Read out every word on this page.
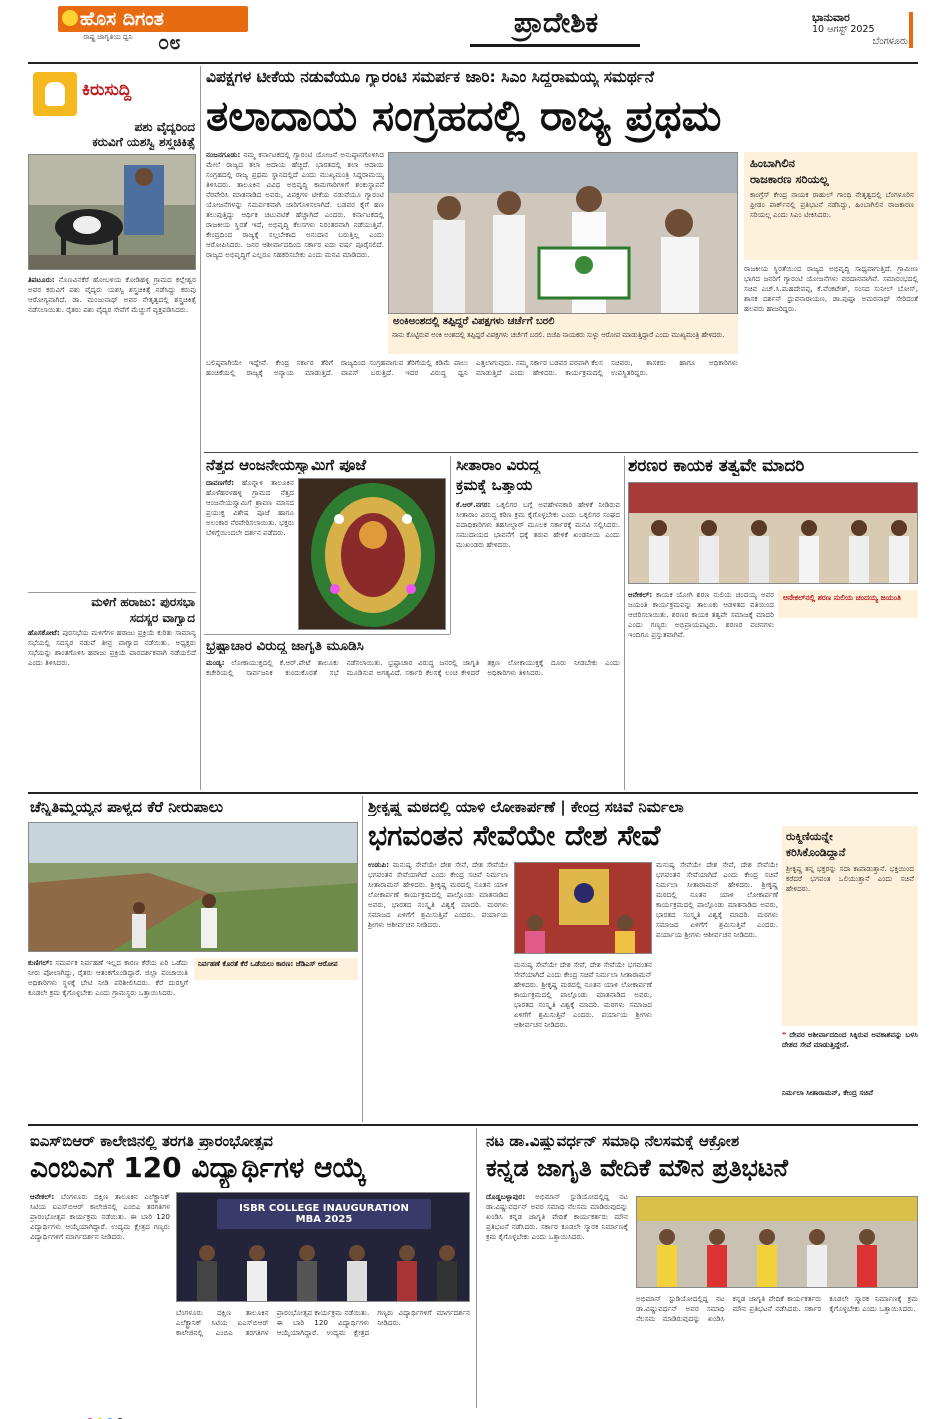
ಹೊಸ ದಿಗಂತ
ರಾಷ್ಟ್ರ ಜಾಗೃತಿಯ ಧ್ವನಿ	೦೮
ಪ್ರಾದೇಶಿಕ	ಭಾನುವಾರ
10 ಆಗಸ್ಟ್ 2025
ಬೆಂಗಳೂರು
ಕಿರುಸುದ್ದಿ
ಪಶು ವೈದ್ಯರಿಂದ
ಕರುವಿಗೆ ಯಶಸ್ವಿ ಶಸ್ತ್ರಚಿಕಿತ್ಸೆ
ತಿಪಟೂರು: ನೊಣವಿನಕೆರೆ ಹೋಬಳಿಯ ಕೋಡಿಹಳ್ಳಿ ಗ್ರಾಮದ ಕಲ್ಲೇಶ್ವರ ಅವರ ಕರುವಿಗೆ ಪಶು ವೈದ್ಯರು ಯಶಸ್ವಿ ಶಸ್ತ್ರಚಿಕಿತ್ಸೆ ನಡೆಸಿದ್ದು ಕರುವು ಆರೋಗ್ಯವಾಗಿದೆ. ಡಾ. ಮಂಜುನಾಥ್ ಅವರ ನೇತೃತ್ವದಲ್ಲಿ ಶಸ್ತ್ರಚಿಕಿತ್ಸೆ ನಡೆಸಲಾಯಿತು. ರೈತರು ಪಶು ವೈದ್ಯರ ಸೇವೆಗೆ ಮೆಚ್ಚುಗೆ ವ್ಯಕ್ತಪಡಿಸಿದರು.
ಮಳಿಗೆ ಹರಾಜು: ಪುರಸಭಾ
ಸದಸ್ಯರ ವಾಗ್ವಾದ
ಹೊಸಕೋಟೆ: ಪುರಸಭೆಯ ಮಳಿಗೆಗಳ ಹರಾಜು ಪ್ರಕ್ರಿಯೆ ಕುರಿತು ಸಾಮಾನ್ಯ ಸಭೆಯಲ್ಲಿ ಸದಸ್ಯರ ನಡುವೆ ತೀವ್ರ ವಾಗ್ವಾದ ನಡೆಯಿತು. ಅಧ್ಯಕ್ಷರು ಸಭೆಯನ್ನು ಶಾಂತಗೊಳಿಸಿ ಹರಾಜು ಪ್ರಕ್ರಿಯೆ ಪಾರದರ್ಶಕವಾಗಿ ನಡೆಯಲಿದೆ ಎಂದು ತಿಳಿಸಿದರು.
ವಿಪಕ್ಷಗಳ ಟೀಕೆಯ ನಡುವೆಯೂ ಗ್ಯಾರಂಟಿ ಸಮರ್ಪಕ ಜಾರಿ: ಸಿಎಂ ಸಿದ್ದರಾಮಯ್ಯ ಸಮರ್ಥನೆ
ತಲಾದಾಯ ಸಂಗ್ರಹದಲ್ಲಿ ರಾಜ್ಯ ಪ್ರಥಮ
ನಂಜನಗೂಡು: ನಮ್ಮ ಕರ್ನಾಟಕದಲ್ಲಿ ಗ್ಯಾರಂಟಿ ಯೋಜನೆ ಅನುಷ್ಠಾನಗೊಳಿಸಿದ ಮೇಲೆ ರಾಜ್ಯದ ತಲಾ ಆದಾಯ ಹೆಚ್ಚಿದೆ. ಭಾರತದಲ್ಲಿ ತಲಾ ಆದಾಯ ಸಂಗ್ರಹದಲ್ಲಿ ರಾಜ್ಯ ಪ್ರಥಮ ಸ್ಥಾನದಲ್ಲಿದೆ ಎಂದು ಮುಖ್ಯಮಂತ್ರಿ ಸಿದ್ದರಾಮಯ್ಯ ತಿಳಿಸಿದರು. ತಾಲೂಕಿನ ವಿವಿಧ ಅಭಿವೃದ್ಧಿ ಕಾಮಗಾರಿಗಳಿಗೆ ಶಂಕುಸ್ಥಾಪನೆ ನೆರವೇರಿಸಿ ಮಾತನಾಡಿದ ಅವರು, ವಿಪಕ್ಷಗಳ ಟೀಕೆಯ ನಡುವೆಯೂ ಗ್ಯಾರಂಟಿ ಯೋಜನೆಗಳನ್ನು ಸಮರ್ಪಕವಾಗಿ ಜಾರಿಗೊಳಿಸಲಾಗಿದೆ. ಬಡವರ ಕೈಗೆ ಹಣ ತಲುಪುತ್ತಿದ್ದು ಆರ್ಥಿಕ ಚಟುವಟಿಕೆ ಹೆಚ್ಚಾಗಿದೆ ಎಂದರು. ಕರ್ನಾಟಕದಲ್ಲಿ ರಾಜಕೀಯ ಸ್ಥಿರತೆ ಇದೆ, ಅಭಿವೃದ್ಧಿ ಕೆಲಸಗಳು ನಿರಂತರವಾಗಿ ನಡೆಯುತ್ತಿವೆ. ಕೇಂದ್ರದಿಂದ ರಾಜ್ಯಕ್ಕೆ ಸಲ್ಲಬೇಕಾದ ಅನುದಾನ ಬರುತ್ತಿಲ್ಲ ಎಂದು ಆರೋಪಿಸಿದರು. ಜನರ ಆಶೀರ್ವಾದದಿಂದ ಸರ್ಕಾರ ಐದು ವರ್ಷ ಪೂರೈಸಲಿದೆ. ರಾಜ್ಯದ ಅಭಿವೃದ್ಧಿಗೆ ಎಲ್ಲರೂ ಸಹಕರಿಸಬೇಕು ಎಂದು ಮನವಿ ಮಾಡಿದರು.
ಅಂಕಿಅಂಶದಲ್ಲಿ ತಪ್ಪಿದ್ದರೆ ವಿಪಕ್ಷಗಳು ಚರ್ಚೆಗೆ ಬರಲಿ
ನಾನು ಕೊಟ್ಟಿರುವ ಅಂಕಿ ಅಂಶದಲ್ಲಿ ತಪ್ಪಿದ್ದರೆ ವಿಪಕ್ಷಗಳು ಚರ್ಚೆಗೆ ಬರಲಿ. ಬಿಜೆಪಿ ನಾಯಕರು ಸುಳ್ಳು ಆರೋಪ ಮಾಡುತ್ತಿದ್ದಾರೆ ಎಂದು ಮುಖ್ಯಮಂತ್ರಿ ಹೇಳಿದರು.
ಹಿಂಬಾಗಿಲಿನ
ರಾಜಕಾರಣ ಸರಿಯಲ್ಲ
ಕಾಂಗ್ರೆಸ್ ಕೇಂದ್ರ ನಾಯಕ ರಾಹುಲ್ ಗಾಂಧಿ ನೇತೃತ್ವದಲ್ಲಿ ಬೆಂಗಳೂರಿನ ಫ್ರೀಡಂ ಪಾರ್ಕ್‌ನಲ್ಲಿ ಪ್ರತಿಭಟನೆ ನಡೆಸಿದ್ದು, ಹಿಂಬಾಗಿಲಿನ ರಾಜಕಾರಣ ಸರಿಯಲ್ಲ ಎಂದು ಸಿಎಂ ಟೀಕಿಸಿದರು.
ರಾಜಕೀಯ ಸ್ಥಿರತೆಯಿಂದ ರಾಜ್ಯದ ಅಭಿವೃದ್ಧಿ ಸಾಧ್ಯವಾಗುತ್ತಿದೆ. ಗ್ರಾಮೀಣ ಭಾಗದ ಜನರಿಗೆ ಗ್ಯಾರಂಟಿ ಯೋಜನೆಗಳು ವರದಾನವಾಗಿವೆ. ಸಮಾರಂಭದಲ್ಲಿ ಸಚಿವ ಎಚ್.ಸಿ.ಮಹದೇವಪ್ಪ, ಕೆ.ವೆಂಕಟೇಶ್, ಸಂಸದ ಸುನೀಲ್ ಬೋಸ್, ಶಾಸಕ ದರ್ಶನ್ ಧ್ರುವನಾರಾಯಣ, ಡಾ.ಪುಷ್ಪಾ ಅಮರನಾಥ್ ಸೇರಿದಂತೆ ಹಲವರು ಹಾಜರಿದ್ದರು.
ಬಲಿಷ್ಠವಾಗಿಯೇ ಇದ್ದೇವೆ. ಕೇಂದ್ರ ಸರ್ಕಾರ ತೆರಿಗೆ ಹಂಚಿಕೆಯಲ್ಲಿ ರಾಜ್ಯಕ್ಕೆ ಅನ್ಯಾಯ ಮಾಡುತ್ತಿದೆ. ರಾಜ್ಯದಿಂದ ಸಂಗ್ರಹವಾಗುವ ತೆರಿಗೆಯಲ್ಲಿ ಕಡಿಮೆ ಪಾಲು ವಾಪಸ್ ಬರುತ್ತಿದೆ. ಇದರ ವಿರುದ್ಧ ಧ್ವನಿ ಎತ್ತಲಾಗುವುದು. ನಮ್ಮ ಸರ್ಕಾರ ಬಡವರ ಪರವಾಗಿ ಕೆಲಸ ಮಾಡುತ್ತಿದೆ ಎಂದು ಹೇಳಿದರು. ಕಾರ್ಯಕ್ರಮದಲ್ಲಿ ಸಚಿವರು, ಶಾಸಕರು ಹಾಗೂ ಅಧಿಕಾರಿಗಳು ಉಪಸ್ಥಿತರಿದ್ದರು.
ನೆತ್ತದ ಆಂಜನೇಯಸ್ವಾಮಿಗೆ ಪೂಜೆ
ದಾವಣಗೆರೆ: ಹೊನ್ನಾಳಿ ತಾಲೂಕಿನ ಹೊಳೆಹರಳಹಳ್ಳಿ ಗ್ರಾಮದ ನೆತ್ತದ ಆಂಜನೇಯಸ್ವಾಮಿಗೆ ಶ್ರಾವಣ ಮಾಸದ ಪ್ರಯುಕ್ತ ವಿಶೇಷ ಪೂಜೆ ಹಾಗೂ ಅಲಂಕಾರ ನೆರವೇರಿಸಲಾಯಿತು. ಭಕ್ತರು ಬೆಳಿಗ್ಗೆಯಿಂದಲೇ ದರ್ಶನ ಪಡೆದರು.
ಸೀತಾರಾಂ ವಿರುದ್ಧ
ಕ್ರಮಕ್ಕೆ ಒತ್ತಾಯ
ಕೆ.ಆರ್.ನಗರ: ಒಕ್ಕಲಿಗರ ಬಗ್ಗೆ ಅವಹೇಳನಕಾರಿ ಹೇಳಿಕೆ ನೀಡಿರುವ ಸೀತಾರಾಂ ವಿರುದ್ಧ ಕಠಿಣ ಕ್ರಮ ಕೈಗೊಳ್ಳಬೇಕು ಎಂದು ಒಕ್ಕಲಿಗರ ಸಂಘದ ಪದಾಧಿಕಾರಿಗಳು ತಹಸೀಲ್ದಾರ್ ಮೂಲಕ ಸರ್ಕಾರಕ್ಕೆ ಮನವಿ ಸಲ್ಲಿಸಿದರು. ಸಮುದಾಯದ ಭಾವನೆಗೆ ಧಕ್ಕೆ ತರುವ ಹೇಳಿಕೆ ಖಂಡನೀಯ ಎಂದು ಮುಖಂಡರು ಹೇಳಿದರು.
ಶರಣರ ಕಾಯಕ ತತ್ವವೇ ಮಾದರಿ
ಆನೇಕಲ್: ಕಾಯಕ ಯೋಗಿ ಶರಣ ನುಲಿಯ ಚಂದಯ್ಯ ಅವರ ಜಯಂತಿ ಕಾರ್ಯಕ್ರಮವನ್ನು ತಾಲೂಕು ಆಡಳಿತದ ವತಿಯಿಂದ ಆಚರಿಸಲಾಯಿತು. ಶರಣರ ಕಾಯಕ ತತ್ವವೇ ಸಮಾಜಕ್ಕೆ ಮಾದರಿ ಎಂದು ಗಣ್ಯರು ಅಭಿಪ್ರಾಯಪಟ್ಟರು. ಶರಣರ ವಚನಗಳು ಇಂದಿಗೂ ಪ್ರಸ್ತುತವಾಗಿವೆ.
ಆನೇಕಲ್‌ನಲ್ಲಿ ಶರಣ ನುಲಿಯ ಚಂದಯ್ಯ ಜಯಂತಿ
ಭ್ರಷ್ಟಾಚಾರ ವಿರುದ್ಧ ಜಾಗೃತಿ ಮೂಡಿಸಿ
ಮಂಡ್ಯ: ಲೋಕಾಯುಕ್ತದಲ್ಲಿ ಕೆ.ಆರ್.ಪೇಟೆ ತಾಲೂಕು ಕಚೇರಿಯಲ್ಲಿ ಸಾರ್ವಜನಿಕ ಕುಂದುಕೊರತೆ ಸಭೆ ನಡೆಸಲಾಯಿತು. ಭ್ರಷ್ಟಾಚಾರ ವಿರುದ್ಧ ಜನರಲ್ಲಿ ಜಾಗೃತಿ ಮೂಡಿಸುವ ಅಗತ್ಯವಿದೆ. ಸರ್ಕಾರಿ ಕೆಲಸಕ್ಕೆ ಲಂಚ ಕೇಳಿದರೆ ತಕ್ಷಣ ಲೋಕಾಯುಕ್ತಕ್ಕೆ ದೂರು ನೀಡಬೇಕು ಎಂದು ಅಧಿಕಾರಿಗಳು ತಿಳಿಸಿದರು.
ಚೆನ್ನಿತಿಮ್ಮಯ್ಯನ ಪಾಳ್ಯದ ಕೆರೆ ನೀರುಪಾಲು
ಕುಣಿಗಲ್: ಸಮರ್ಪಕ ನಿರ್ವಹಣೆ ಇಲ್ಲದ ಕಾರಣ ಕೆರೆಯ ಏರಿ ಒಡೆದು ನೀರು ಪೋಲಾಗಿದ್ದು, ರೈತರು ಆತಂಕಗೊಂಡಿದ್ದಾರೆ. ಜಿಲ್ಲಾ ಪಂಚಾಯಿತಿ ಅಧಿಕಾರಿಗಳು ಸ್ಥಳಕ್ಕೆ ಭೇಟಿ ನೀಡಿ ಪರಿಶೀಲಿಸಿದರು. ಕೆರೆ ದುರಸ್ತಿಗೆ ಕೂಡಲೇ ಕ್ರಮ ಕೈಗೊಳ್ಳಬೇಕು ಎಂದು ಗ್ರಾಮಸ್ಥರು ಒತ್ತಾಯಿಸಿದರು.
ನಿರ್ವಹಣೆ ಕೊರತೆ ಕೆರೆ ಒಡೆಯಲು ಕಾರಣ: ಜೆಡಿಎಸ್ ಆರೋಪ
ಶ್ರೀಕೃಷ್ಣ ಮಠದಲ್ಲಿ ಯಾಳಿ ಲೋಕಾರ್ಪಣೆ | ಕೇಂದ್ರ ಸಚಿವೆ ನಿರ್ಮಲಾ
ಭಗವಂತನ ಸೇವೆಯೇ ದೇಶ ಸೇವೆ
ಉಡುಪಿ: ಮನುಷ್ಯ ಸೇವೆಯೇ ದೇಶ ಸೇವೆ, ದೇಶ ಸೇವೆಯೇ ಭಗವಂತನ ಸೇವೆಯಾಗಿದೆ ಎಂದು ಕೇಂದ್ರ ಸಚಿವೆ ನಿರ್ಮಲಾ ಸೀತಾರಾಮನ್ ಹೇಳಿದರು. ಶ್ರೀಕೃಷ್ಣ ಮಠದಲ್ಲಿ ನೂತನ ಯಾಳಿ ಲೋಕಾರ್ಪಣೆ ಕಾರ್ಯಕ್ರಮದಲ್ಲಿ ಪಾಲ್ಗೊಂಡು ಮಾತನಾಡಿದ ಅವರು, ಭಾರತದ ಸಂಸ್ಕೃತಿ ವಿಶ್ವಕ್ಕೆ ಮಾದರಿ. ಮಠಗಳು ಸಮಾಜದ ಏಳಿಗೆಗೆ ಶ್ರಮಿಸುತ್ತಿವೆ ಎಂದರು. ಪರ್ಯಾಯ ಶ್ರೀಗಳು ಆಶೀರ್ವಚನ ನೀಡಿದರು.
ಮನುಷ್ಯ ಸೇವೆಯೇ ದೇಶ ಸೇವೆ, ದೇಶ ಸೇವೆಯೇ ಭಗವಂತನ ಸೇವೆಯಾಗಿದೆ ಎಂದು ಕೇಂದ್ರ ಸಚಿವೆ ನಿರ್ಮಲಾ ಸೀತಾರಾಮನ್ ಹೇಳಿದರು. ಶ್ರೀಕೃಷ್ಣ ಮಠದಲ್ಲಿ ನೂತನ ಯಾಳಿ ಲೋಕಾರ್ಪಣೆ ಕಾರ್ಯಕ್ರಮದಲ್ಲಿ ಪಾಲ್ಗೊಂಡು ಮಾತನಾಡಿದ ಅವರು, ಭಾರತದ ಸಂಸ್ಕೃತಿ ವಿಶ್ವಕ್ಕೆ ಮಾದರಿ. ಮಠಗಳು ಸಮಾಜದ ಏಳಿಗೆಗೆ ಶ್ರಮಿಸುತ್ತಿವೆ ಎಂದರು. ಪರ್ಯಾಯ ಶ್ರೀಗಳು ಆಶೀರ್ವಚನ ನೀಡಿದರು.
ಮನುಷ್ಯ ಸೇವೆಯೇ ದೇಶ ಸೇವೆ, ದೇಶ ಸೇವೆಯೇ ಭಗವಂತನ ಸೇವೆಯಾಗಿದೆ ಎಂದು ಕೇಂದ್ರ ಸಚಿವೆ ನಿರ್ಮಲಾ ಸೀತಾರಾಮನ್ ಹೇಳಿದರು. ಶ್ರೀಕೃಷ್ಣ ಮಠದಲ್ಲಿ ನೂತನ ಯಾಳಿ ಲೋಕಾರ್ಪಣೆ ಕಾರ್ಯಕ್ರಮದಲ್ಲಿ ಪಾಲ್ಗೊಂಡು ಮಾತನಾಡಿದ ಅವರು, ಭಾರತದ ಸಂಸ್ಕೃತಿ ವಿಶ್ವಕ್ಕೆ ಮಾದರಿ. ಮಠಗಳು ಸಮಾಜದ ಏಳಿಗೆಗೆ ಶ್ರಮಿಸುತ್ತಿವೆ ಎಂದರು. ಪರ್ಯಾಯ ಶ್ರೀಗಳು ಆಶೀರ್ವಚನ ನೀಡಿದರು.
ರುಕ್ಮಿಣಿಯನ್ನೇ
ಕರಿಸಿಕೊಂಡಿದ್ದಾನೆ
ಶ್ರೀಕೃಷ್ಣ ತನ್ನ ಭಕ್ತರನ್ನು ಸದಾ ಕಾಪಾಡುತ್ತಾನೆ. ಭಕ್ತಿಯಿಂದ ಕರೆದರೆ ಭಗವಂತ ಒಲಿಯುತ್ತಾನೆ ಎಂದು ಸಚಿವೆ ಹೇಳಿದರು.
❝ ದೇವರ ಆಶೀರ್ವಾದದಿಂದ ಸಿಕ್ಕಿರುವ ಅವಕಾಶವನ್ನು ಬಳಸಿ ದೇಶದ ಸೇವೆ ಮಾಡುತ್ತಿದ್ದೇನೆ.
ನಿರ್ಮಲಾ ಸೀತಾರಾಮನ್, ಕೇಂದ್ರ ಸಚಿವೆ
ಐಎಸ್‌ಬಿಆರ್ ಕಾಲೇಜಿನಲ್ಲಿ ತರಗತಿ ಪ್ರಾರಂಭೋತ್ಸವ
ಎಂಬಿಎಗೆ 120 ವಿದ್ಯಾರ್ಥಿಗಳ ಆಯ್ಕೆ
ಆನೇಕಲ್: ಬೆಂಗಳೂರು ದಕ್ಷಿಣ ತಾಲೂಕಿನ ಎಲೆಕ್ಟ್ರಾನಿಕ್ ಸಿಟಿಯ ಐಎಸ್‌ಬಿಆರ್ ಕಾಲೇಜಿನಲ್ಲಿ ಎಂಬಿಎ ತರಗತಿಗಳ ಪ್ರಾರಂಭೋತ್ಸವ ಕಾರ್ಯಕ್ರಮ ನಡೆಯಿತು. ಈ ಬಾರಿ 120 ವಿದ್ಯಾರ್ಥಿಗಳು ಆಯ್ಕೆಯಾಗಿದ್ದಾರೆ. ಉದ್ಯಮ ಕ್ಷೇತ್ರದ ಗಣ್ಯರು ವಿದ್ಯಾರ್ಥಿಗಳಿಗೆ ಮಾರ್ಗದರ್ಶನ ನೀಡಿದರು.
ISBR COLLEGE INAUGURATION MBA 2025
ಬೆಂಗಳೂರು ದಕ್ಷಿಣ ತಾಲೂಕಿನ ಎಲೆಕ್ಟ್ರಾನಿಕ್ ಸಿಟಿಯ ಐಎಸ್‌ಬಿಆರ್ ಕಾಲೇಜಿನಲ್ಲಿ ಎಂಬಿಎ ತರಗತಿಗಳ ಪ್ರಾರಂಭೋತ್ಸವ ಕಾರ್ಯಕ್ರಮ ನಡೆಯಿತು. ಈ ಬಾರಿ 120 ವಿದ್ಯಾರ್ಥಿಗಳು ಆಯ್ಕೆಯಾಗಿದ್ದಾರೆ. ಉದ್ಯಮ ಕ್ಷೇತ್ರದ ಗಣ್ಯರು ವಿದ್ಯಾರ್ಥಿಗಳಿಗೆ ಮಾರ್ಗದರ್ಶನ ನೀಡಿದರು.
ನಟ ಡಾ.ವಿಷ್ಣುವರ್ಧನ್ ಸಮಾಧಿ ನೆಲಸಮಕ್ಕೆ ಆಕ್ರೋಶ
ಕನ್ನಡ ಜಾಗೃತಿ ವೇದಿಕೆ ಮೌನ ಪ್ರತಿಭಟನೆ
ದೊಡ್ಡಬಳ್ಳಾಪುರ: ಅಭಿಮಾನ್ ಸ್ಟುಡಿಯೋದಲ್ಲಿದ್ದ ನಟ ಡಾ.ವಿಷ್ಣುವರ್ಧನ್ ಅವರ ಸಮಾಧಿ ನೆಲಸಮ ಮಾಡಿರುವುದನ್ನು ಖಂಡಿಸಿ ಕನ್ನಡ ಜಾಗೃತಿ ವೇದಿಕೆ ಕಾರ್ಯಕರ್ತರು ಮೌನ ಪ್ರತಿಭಟನೆ ನಡೆಸಿದರು. ಸರ್ಕಾರ ಕೂಡಲೇ ಸ್ಮಾರಕ ನಿರ್ಮಾಣಕ್ಕೆ ಕ್ರಮ ಕೈಗೊಳ್ಳಬೇಕು ಎಂದು ಒತ್ತಾಯಿಸಿದರು.
ಅಭಿಮಾನ್ ಸ್ಟುಡಿಯೋದಲ್ಲಿದ್ದ ನಟ ಡಾ.ವಿಷ್ಣುವರ್ಧನ್ ಅವರ ಸಮಾಧಿ ನೆಲಸಮ ಮಾಡಿರುವುದನ್ನು ಖಂಡಿಸಿ ಕನ್ನಡ ಜಾಗೃತಿ ವೇದಿಕೆ ಕಾರ್ಯಕರ್ತರು ಮೌನ ಪ್ರತಿಭಟನೆ ನಡೆಸಿದರು. ಸರ್ಕಾರ ಕೂಡಲೇ ಸ್ಮಾರಕ ನಿರ್ಮಾಣಕ್ಕೆ ಕ್ರಮ ಕೈಗೊಳ್ಳಬೇಕು ಎಂದು ಒತ್ತಾಯಿಸಿದರು.
